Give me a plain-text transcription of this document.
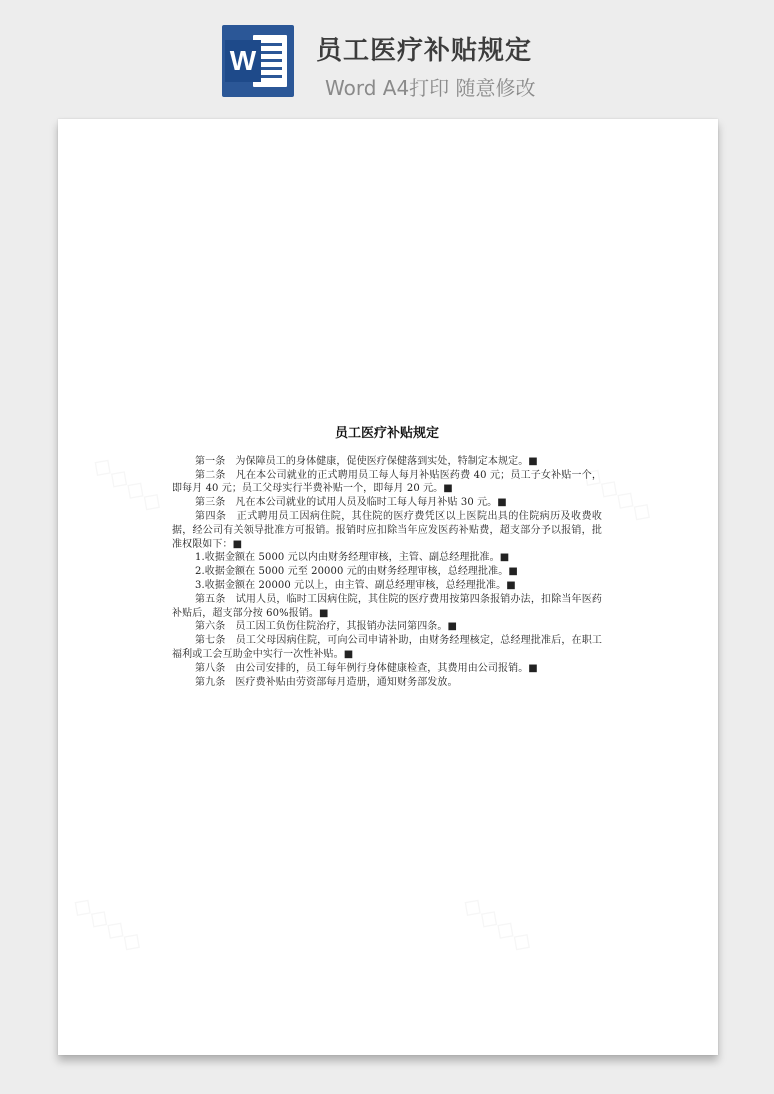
W 员工医疗补贴规定
Word A4打印 随意修改
员工医疗补贴规定
第一条　为保障员工的身体健康，促使医疗保健落到实处，特制定本规定。■
第二条　凡在本公司就业的正式聘用员工每人每月补贴医药费 40 元；员工子女补贴一个，即每月 40 元；员工父母实行半费补贴一个，即每月 20 元。■
第三条　凡在本公司就业的试用人员及临时工每人每月补贴 30 元。■
第四条　正式聘用员工因病住院，其住院的医疗费凭区以上医院出具的住院病历及收费收据，经公司有关领导批准方可报销。报销时应扣除当年应发医药补贴费，超支部分予以报销，批准权限如下：■
1.收据金额在 5000 元以内由财务经理审核，主管、副总经理批准。■
2.收据金额在 5000 元至 20000 元的由财务经理审核，总经理批准。■
3.收据金额在 20000 元以上，由主管、副总经理审核，总经理批准。■
第五条　试用人员，临时工因病住院，其住院的医疗费用按第四条报销办法，扣除当年医药补贴后，超支部分按 60%报销。■
第六条　员工因工负伤住院治疗，其报销办法同第四条。■
第七条　员工父母因病住院，可向公司申请补助，由财务经理核定，总经理批准后，在职工福利或工会互助金中实行一次性补贴。■
第八条　由公司安排的，员工每年例行身体健康检查，其费用由公司报销。■
第九条　医疗费补贴由劳资部每月造册，通知财务部发放。
